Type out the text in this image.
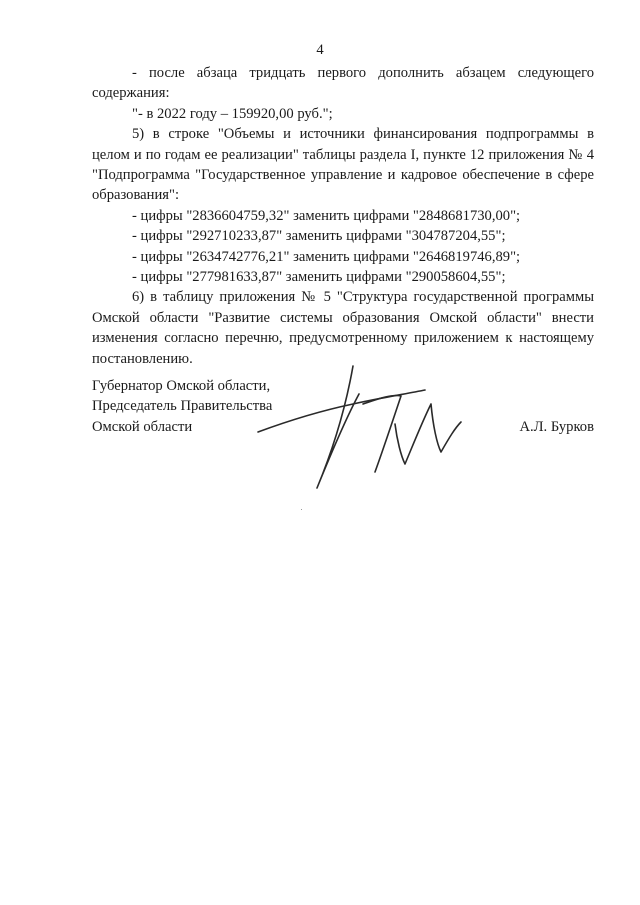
4

- после абзаца тридцать первого дополнить абзацем следующего содержания:

"- в 2022 году – 159920,00 руб.";

5) в строке "Объемы и источники финансирования подпрограммы в целом и по годам ее реализации" таблицы раздела I, пункте 12 приложения № 4 "Подпрограмма "Государственное управление и кадровое обеспечение в сфере образования":

- цифры "2836604759,32" заменить цифрами "2848681730,00";

- цифры "292710233,87" заменить цифрами "304787204,55";

- цифры "2634742776,21" заменить цифрами "2646819746,89";

- цифры "277981633,87" заменить цифрами "290058604,55";

6) в таблицу приложения № 5 "Структура государственной программы Омской области "Развитие системы образования Омской области" внести изменения согласно перечню, предусмотренному приложением к настоящему постановлению.

Губернатор Омской области,

Председатель Правительства

Омской области	А.Л. Бурков
